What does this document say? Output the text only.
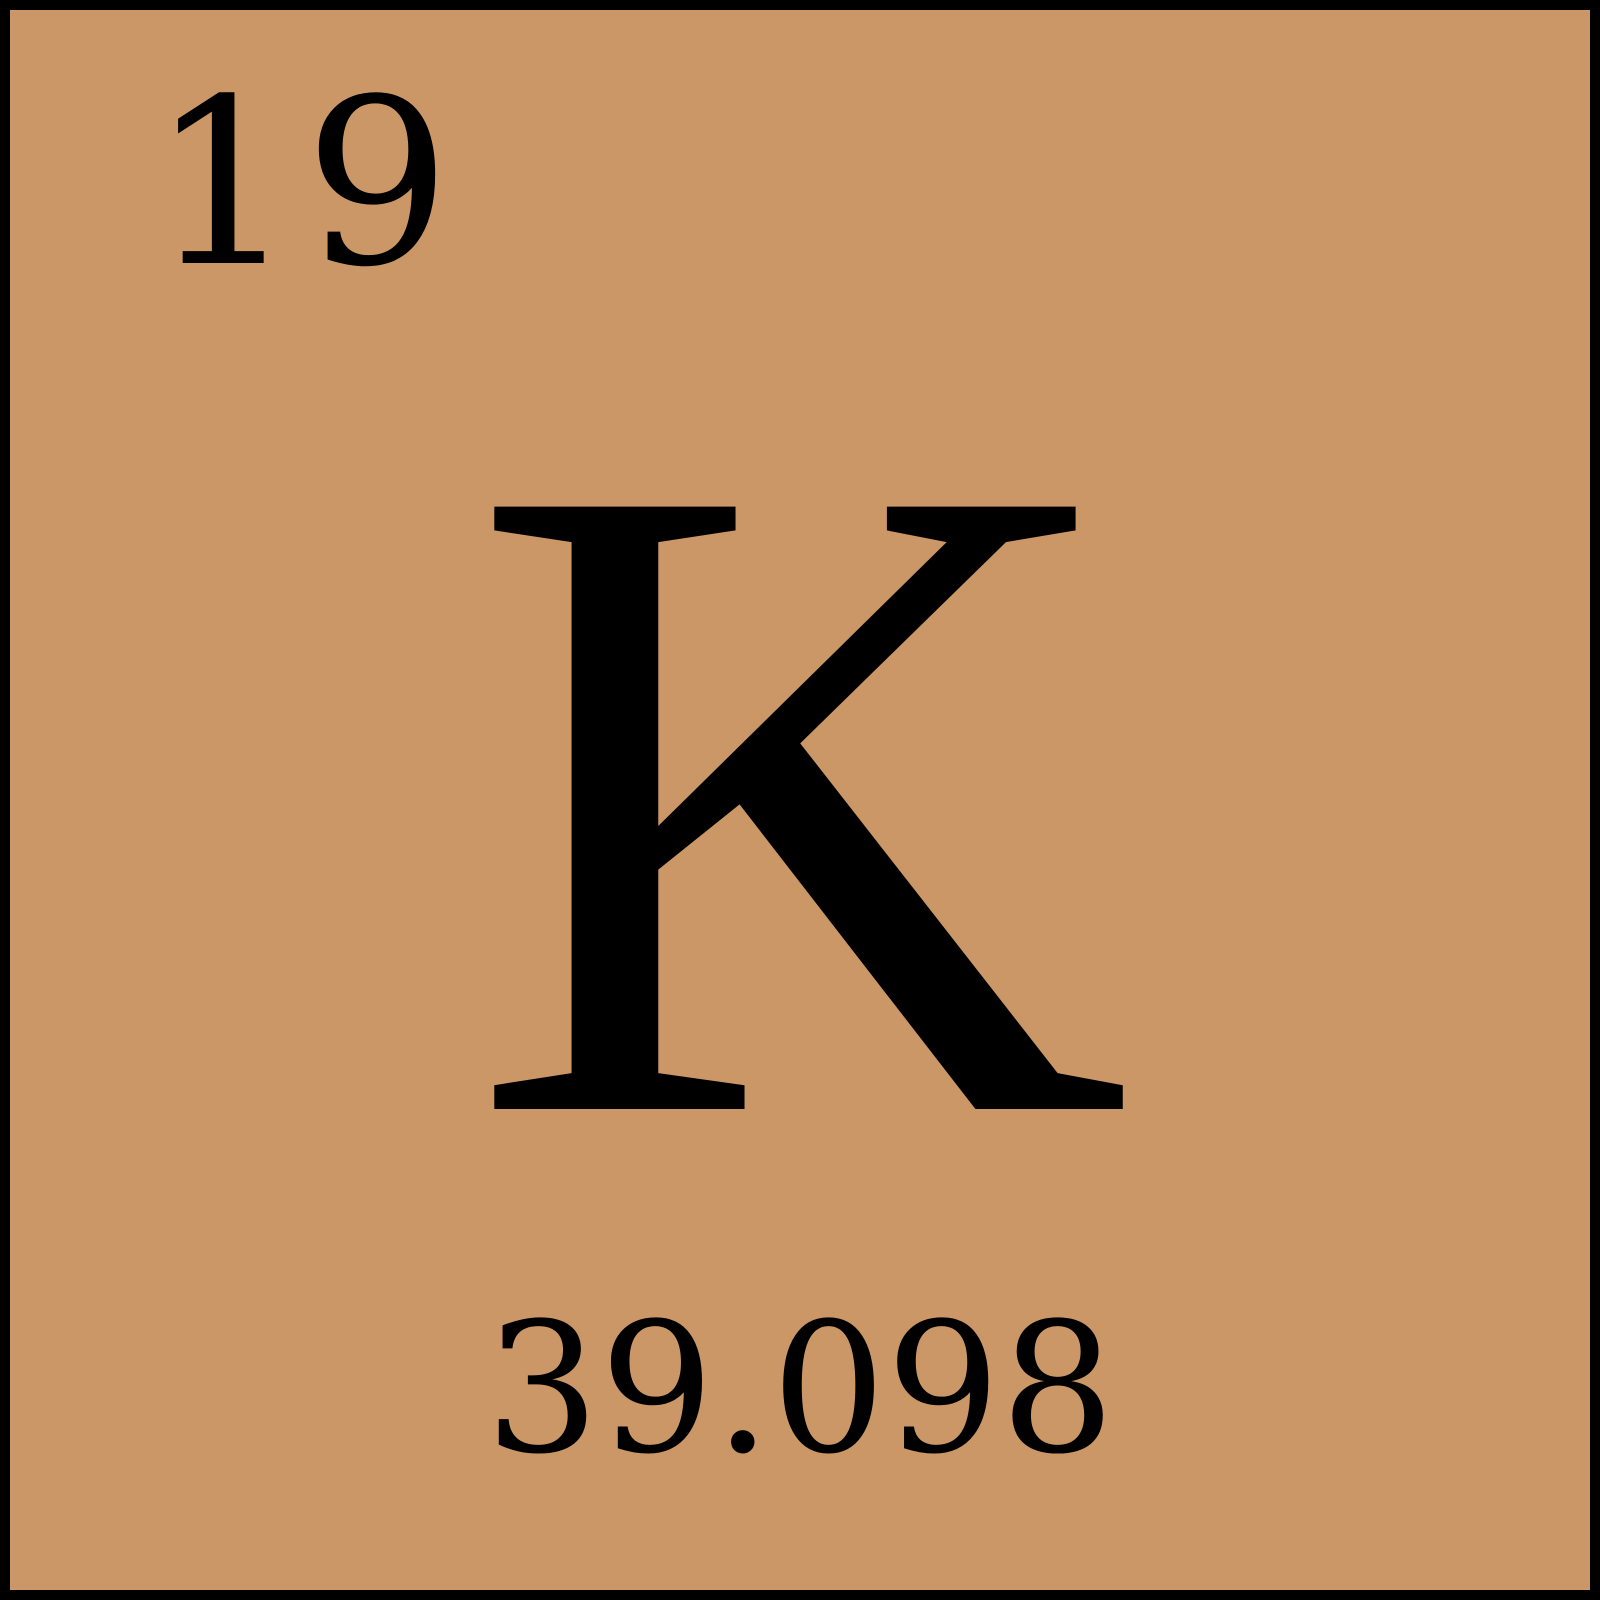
19
K
39.098
